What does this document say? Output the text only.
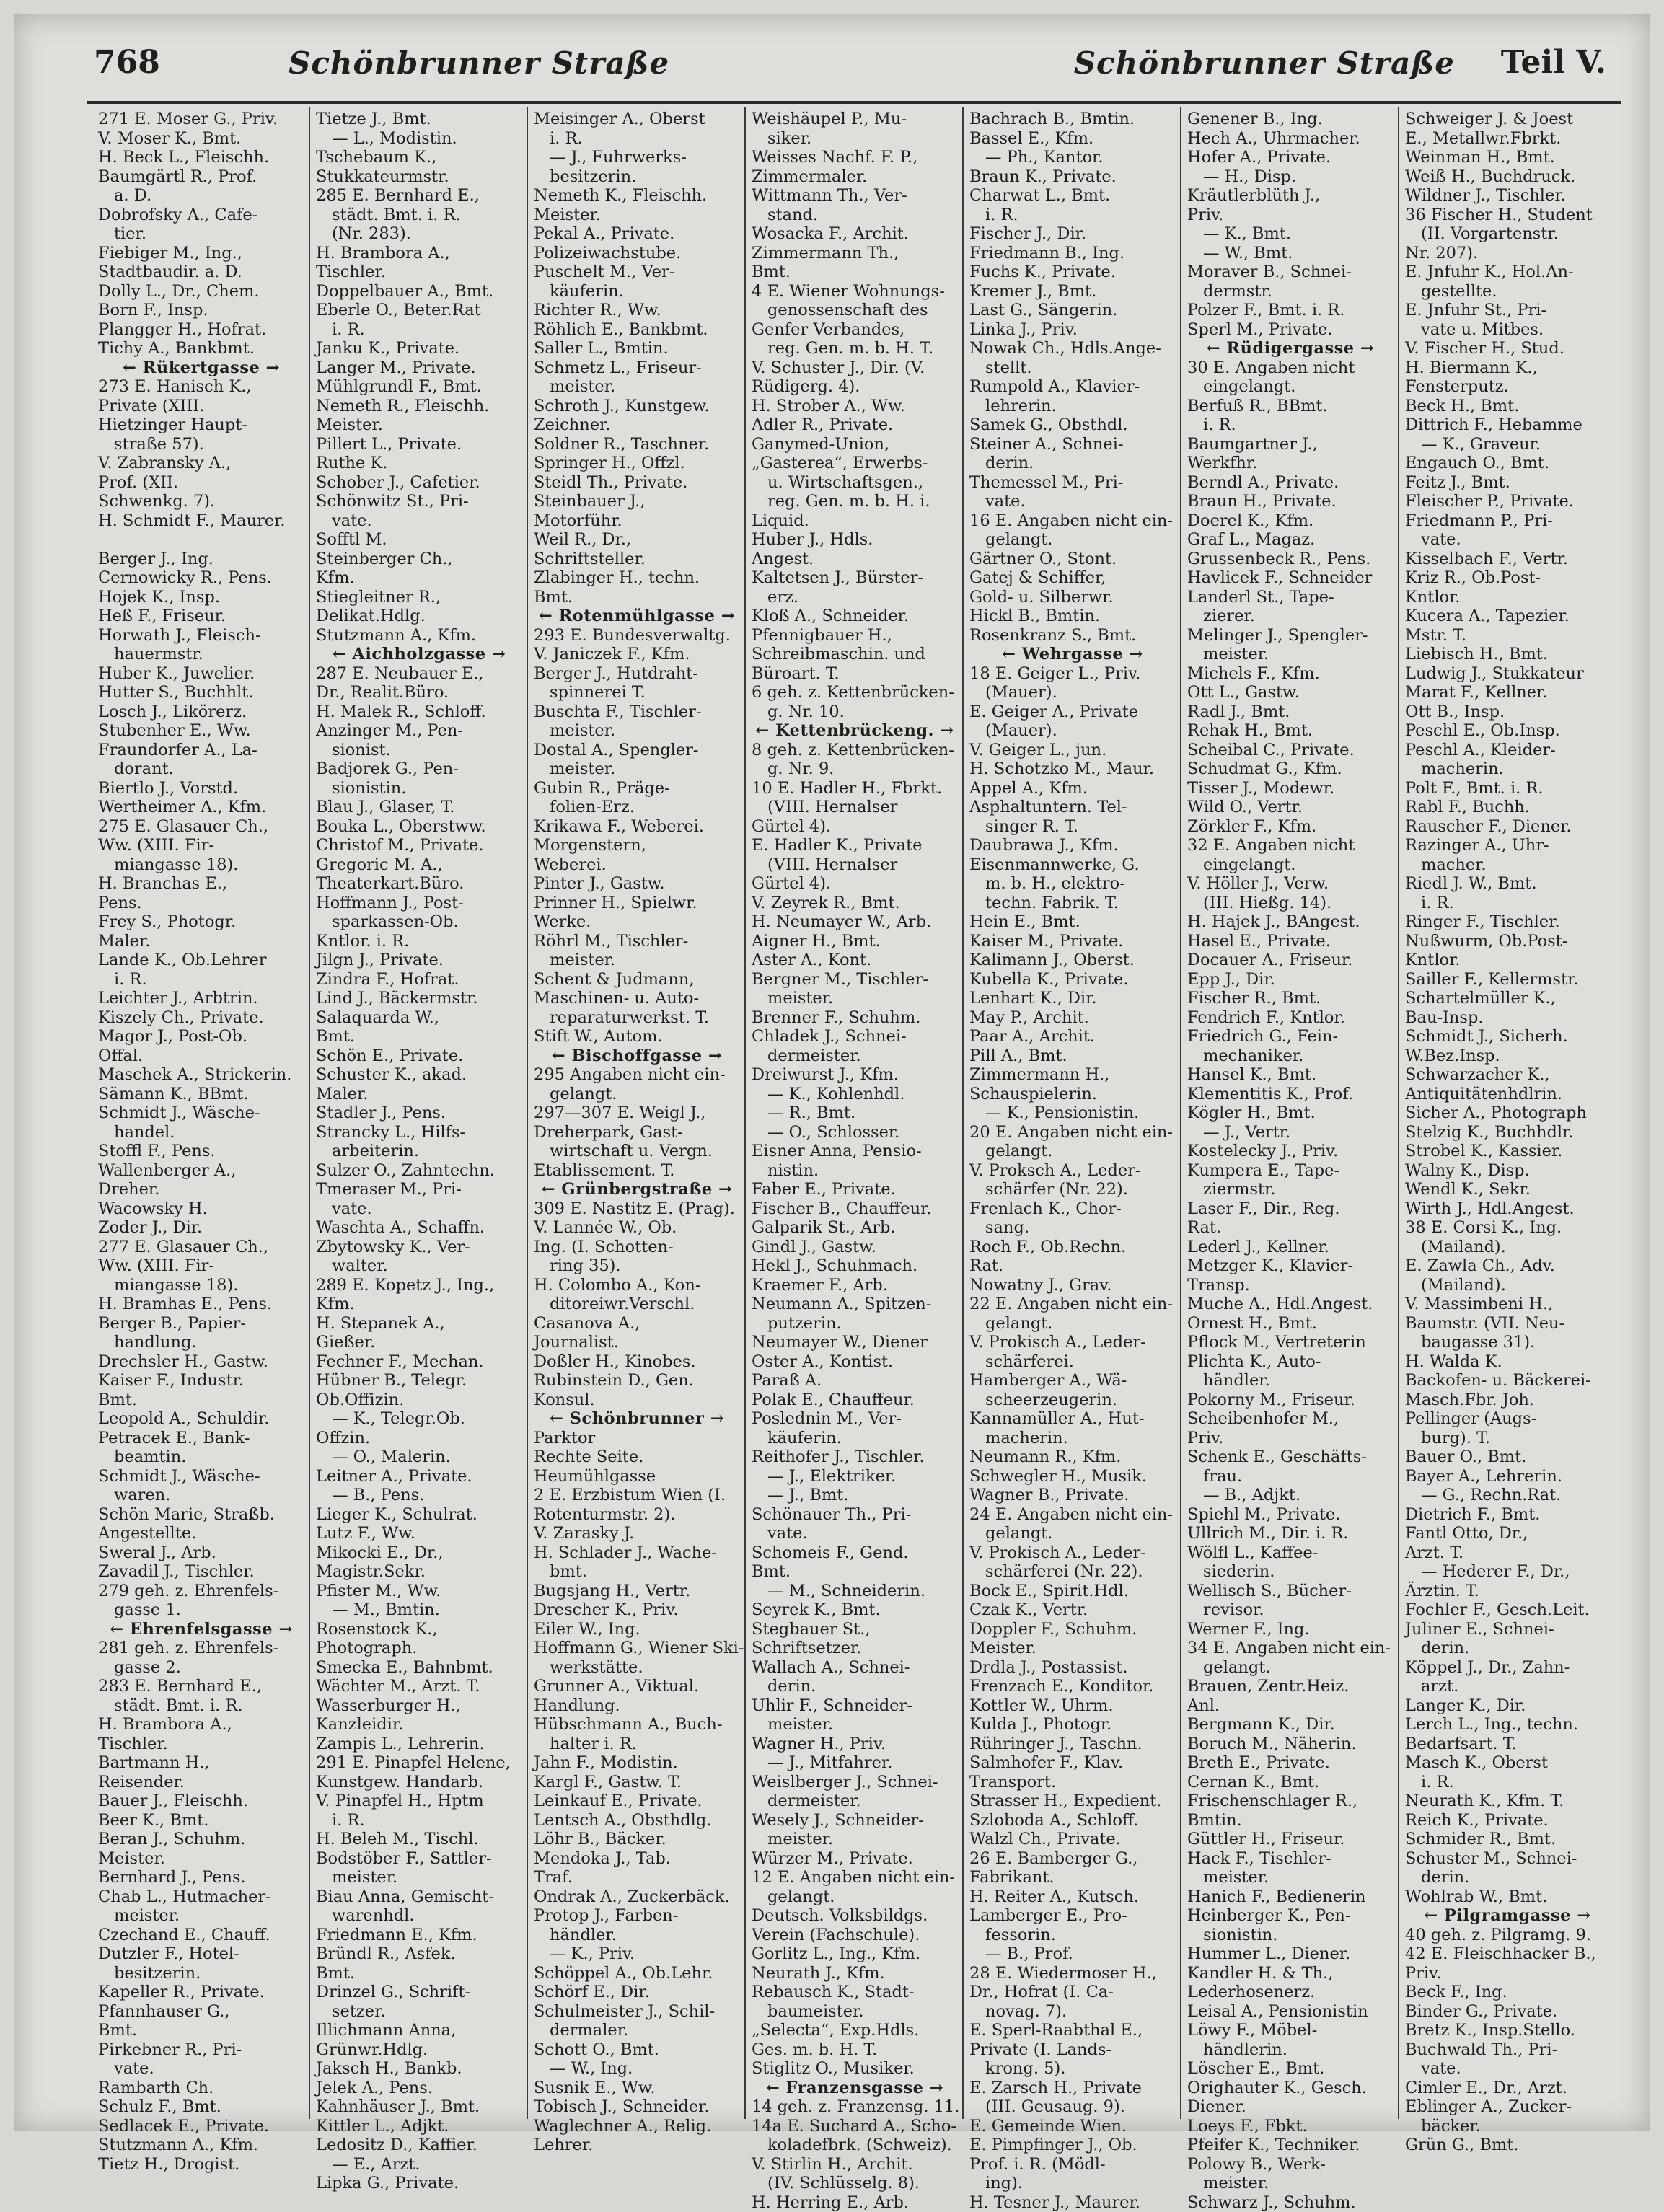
768	Schönbrunner Straße	Schönbrunner Straße Teil V.
271 E. Moser G., Priv.
V. Moser K., Bmt.
H. Beck L., Fleischh.
Baumgärtl R., Prof.
a. D.
Dobrofsky A., Cafe-
tier.
Fiebiger M., Ing.,
Stadtbaudir. a. D.
Dolly L., Dr., Chem.
Born F., Insp.
Plangger H., Hofrat.
Tichy A., Bankbmt.
← Rükertgasse →
273 E. Hanisch K.,
Private (XIII.
Hietzinger Haupt-
straße 57).
V. Zabransky A.,
Prof. (XII.
Schwenkg. 7).
H. Schmidt F., Maurer.
Berger J., Ing.
Cernowicky R., Pens.
Hojek K., Insp.
Heß F., Friseur.
Horwath J., Fleisch-
hauermstr.
Huber K., Juwelier.
Hutter S., Buchhlt.
Losch J., Likörerz.
Stubenher E., Ww.
Fraundorfer A., La-
dorant.
Biertlo J., Vorstd.
Wertheimer A., Kfm.
275 E. Glasauer Ch.,
Ww. (XIII. Fir-
miangasse 18).
H. Branchas E.,
Pens.
Frey S., Photogr.
Maler.
Lande K., Ob.Lehrer
i. R.
Leichter J., Arbtrin.
Kiszely Ch., Private.
Magor J., Post-Ob.
Offal.
Maschek A., Strickerin.
Sämann K., BBmt.
Schmidt J., Wäsche-
handel.
Stoffl F., Pens.
Wallenberger A.,
Dreher.
Wacowsky H.
Zoder J., Dir.
277 E. Glasauer Ch.,
Ww. (XIII. Fir-
miangasse 18).
H. Bramhas E., Pens.
Berger B., Papier-
handlung.
Drechsler H., Gastw.
Kaiser F., Industr.
Bmt.
Leopold A., Schuldir.
Petracek E., Bank-
beamtin.
Schmidt J., Wäsche-
waren.
Schön Marie, Straßb.
Angestellte.
Sweral J., Arb.
Zavadil J., Tischler.
279 geh. z. Ehrenfels-
gasse 1.
← Ehrenfelsgasse →
281 geh. z. Ehrenfels-
gasse 2.
283 E. Bernhard E.,
städt. Bmt. i. R.
H. Brambora A.,
Tischler.
Bartmann H.,
Reisender.
Bauer J., Fleischh.
Beer K., Bmt.
Beran J., Schuhm.
Meister.
Bernhard J., Pens.
Chab L., Hutmacher-
meister.
Czechand E., Chauff.
Dutzler F., Hotel-
besitzerin.
Kapeller R., Private.
Pfannhauser G.,
Bmt.
Pirkebner R., Pri-
vate.
Rambarth Ch.
Schulz F., Bmt.
Sedlacek E., Private.
Stutzmann A., Kfm.
Tietz H., Drogist.
Tietze J., Bmt.
— L., Modistin.
Tschebaum K.,
Stukkateurmstr.
285 E. Bernhard E.,
städt. Bmt. i. R.
(Nr. 283).
H. Brambora A.,
Tischler.
Doppelbauer A., Bmt.
Eberle O., Beter.Rat
i. R.
Janku K., Private.
Langer M., Private.
Mühlgrundl F., Bmt.
Nemeth R., Fleischh.
Meister.
Pillert L., Private.
Ruthe K.
Schober J., Cafetier.
Schönwitz St., Pri-
vate.
Sofftl M.
Steinberger Ch.,
Kfm.
Stiegleitner R.,
Delikat.Hdlg.
Stutzmann A., Kfm.
← Aichholzgasse →
287 E. Neubauer E.,
Dr., Realit.Büro.
H. Malek R., Schloff.
Anzinger M., Pen-
sionist.
Badjorek G., Pen-
sionistin.
Blau J., Glaser, T.
Bouka L., Oberstww.
Christof M., Private.
Gregoric M. A.,
Theaterkart.Büro.
Hoffmann J., Post-
sparkassen-Ob.
Kntlor. i. R.
Jilgn J., Private.
Zindra F., Hofrat.
Lind J., Bäckermstr.
Salaquarda W.,
Bmt.
Schön E., Private.
Schuster K., akad.
Maler.
Stadler J., Pens.
Strancky L., Hilfs-
arbeiterin.
Sulzer O., Zahntechn.
Tmeraser M., Pri-
vate.
Waschta A., Schaffn.
Zbytowsky K., Ver-
walter.
289 E. Kopetz J., Ing.,
Kfm.
H. Stepanek A.,
Gießer.
Fechner F., Mechan.
Hübner B., Telegr.
Ob.Offizin.
— K., Telegr.Ob.
Offzin.
— O., Malerin.
Leitner A., Private.
— B., Pens.
Lieger K., Schulrat.
Lutz F., Ww.
Mikocki E., Dr.,
Magistr.Sekr.
Pfister M., Ww.
— M., Bmtin.
Rosenstock K.,
Photograph.
Smecka E., Bahnbmt.
Wächter M., Arzt. T.
Wasserburger H.,
Kanzleidir.
Zampis L., Lehrerin.
291 E. Pinapfel Helene,
Kunstgew. Handarb.
V. Pinapfel H., Hptm
i. R.
H. Beleh M., Tischl.
Bodstöber F., Sattler-
meister.
Biau Anna, Gemischt-
warenhdl.
Friedmann E., Kfm.
Bründl R., Asfek.
Bmt.
Drinzel G., Schrift-
setzer.
Illichmann Anna,
Grünwr.Hdlg.
Jaksch H., Bankb.
Jelek A., Pens.
Kahnhäuser J., Bmt.
Kittler L., Adjkt.
Ledositz D., Kaffier.
— E., Arzt.
Lipka G., Private.
Meisinger A., Oberst
i. R.
— J., Fuhrwerks-
besitzerin.
Nemeth K., Fleischh.
Meister.
Pekal A., Private.
Polizeiwachstube.
Puschelt M., Ver-
käuferin.
Richter R., Ww.
Röhlich E., Bankbmt.
Saller L., Bmtin.
Schmetz L., Friseur-
meister.
Schroth J., Kunstgew.
Zeichner.
Soldner R., Taschner.
Springer H., Offzl.
Steidl Th., Private.
Steinbauer J.,
Motorführ.
Weil R., Dr.,
Schriftsteller.
Zlabinger H., techn.
Bmt.
← Rotenmühlgasse →
293 E. Bundesverwaltg.
V. Janiczek F., Kfm.
Berger J., Hutdraht-
spinnerei T.
Buschta F., Tischler-
meister.
Dostal A., Spengler-
meister.
Gubin R., Präge-
folien-Erz.
Krikawa F., Weberei.
Morgenstern,
Weberei.
Pinter J., Gastw.
Prinner H., Spielwr.
Werke.
Röhrl M., Tischler-
meister.
Schent & Judmann,
Maschinen- u. Auto-
reparaturwerkst. T.
Stift W., Autom.
← Bischoffgasse →
295 Angaben nicht ein-
gelangt.
297—307 E. Weigl J.,
Dreherpark, Gast-
wirtschaft u. Vergn.
Etablissement. T.
← Grünbergstraße →
309 E. Nastitz E. (Prag).
V. Lannée W., Ob.
Ing. (I. Schotten-
ring 35).
H. Colombo A., Kon-
ditoreiwr.Verschl.
Casanova A.,
Journalist.
Doßler H., Kinobes.
Rubinstein D., Gen.
Konsul.
← Schönbrunner →
Parktor
Rechte Seite.
Heumühlgasse
2 E. Erzbistum Wien (I.
Rotenturmstr. 2).
V. Zarasky J.
H. Schlader J., Wache-
bmt.
Bugsjang H., Vertr.
Drescher K., Priv.
Eiler W., Ing.
Hoffmann G., Wiener Ski-
werkstätte.
Grunner A., Viktual.
Handlung.
Hübschmann A., Buch-
halter i. R.
Jahn F., Modistin.
Kargl F., Gastw. T.
Leinkauf E., Private.
Lentsch A., Obsthdlg.
Löhr B., Bäcker.
Mendoka J., Tab.
Traf.
Ondrak A., Zuckerbäck.
Protop J., Farben-
händler.
— K., Priv.
Schöppel A., Ob.Lehr.
Schörf E., Dir.
Schulmeister J., Schil-
dermaler.
Schott O., Bmt.
— W., Ing.
Susnik E., Ww.
Tobisch J., Schneider.
Waglechner A., Relig.
Lehrer.
Weishäupel P., Mu-
siker.
Weisses Nachf. F. P.,
Zimmermaler.
Wittmann Th., Ver-
stand.
Wosacka F., Archit.
Zimmermann Th.,
Bmt.
4 E. Wiener Wohnungs-
genossenschaft des
Genfer Verbandes,
reg. Gen. m. b. H. T.
V. Schuster J., Dir. (V.
Rüdigerg. 4).
H. Strober A., Ww.
Adler R., Private.
Ganymed-Union,
„Gasterea“, Erwerbs-
u. Wirtschaftsgen.,
reg. Gen. m. b. H. i.
Liquid.
Huber J., Hdls.
Angest.
Kaltetsen J., Bürster-
erz.
Kloß A., Schneider.
Pfennigbauer H.,
Schreibmaschin. und
Büroart. T.
6 geh. z. Kettenbrücken-
g. Nr. 10.
← Kettenbrückeng. →
8 geh. z. Kettenbrücken-
g. Nr. 9.
10 E. Hadler H., Fbrkt.
(VIII. Hernalser
Gürtel 4).
E. Hadler K., Private
(VIII. Hernalser
Gürtel 4).
V. Zeyrek R., Bmt.
H. Neumayer W., Arb.
Aigner H., Bmt.
Aster A., Kont.
Bergner M., Tischler-
meister.
Brenner F., Schuhm.
Chladek J., Schnei-
dermeister.
Dreiwurst J., Kfm.
— K., Kohlenhdl.
— R., Bmt.
— O., Schlosser.
Eisner Anna, Pensio-
nistin.
Faber E., Private.
Fischer B., Chauffeur.
Galparik St., Arb.
Gindl J., Gastw.
Hekl J., Schuhmach.
Kraemer F., Arb.
Neumann A., Spitzen-
putzerin.
Neumayer W., Diener
Oster A., Kontist.
Paraß A.
Polak E., Chauffeur.
Poslednin M., Ver-
käuferin.
Reithofer J., Tischler.
— J., Elektriker.
— J., Bmt.
Schönauer Th., Pri-
vate.
Schomeis F., Gend.
Bmt.
— M., Schneiderin.
Seyrek K., Bmt.
Stegbauer St.,
Schriftsetzer.
Wallach A., Schnei-
derin.
Uhlir F., Schneider-
meister.
Wagner H., Priv.
— J., Mitfahrer.
Weislberger J., Schnei-
dermeister.
Wesely J., Schneider-
meister.
Würzer M., Private.
12 E. Angaben nicht ein-
gelangt.
Deutsch. Volksbildgs.
Verein (Fachschule).
Gorlitz L., Ing., Kfm.
Neurath J., Kfm.
Rebausch K., Stadt-
baumeister.
„Selecta“, Exp.Hdls.
Ges. m. b. H. T.
Stiglitz O., Musiker.
← Franzensgasse →
14 geh. z. Franzensg. 11.
14a E. Suchard A., Scho-
koladefbrk. (Schweiz).
V. Stirlin H., Archit.
(IV. Schlüsselg. 8).
H. Herring E., Arb.
Bachrach B., Bmtin.
Bassel E., Kfm.
— Ph., Kantor.
Braun K., Private.
Charwat L., Bmt.
i. R.
Fischer J., Dir.
Friedmann B., Ing.
Fuchs K., Private.
Kremer J., Bmt.
Last G., Sängerin.
Linka J., Priv.
Nowak Ch., Hdls.Ange-
stellt.
Rumpold A., Klavier-
lehrerin.
Samek G., Obsthdl.
Steiner A., Schnei-
derin.
Themessel M., Pri-
vate.
16 E. Angaben nicht ein-
gelangt.
Gärtner O., Stont.
Gatej & Schiffer,
Gold- u. Silberwr.
Hickl B., Bmtin.
Rosenkranz S., Bmt.
← Wehrgasse →
18 E. Geiger L., Priv.
(Mauer).
E. Geiger A., Private
(Mauer).
V. Geiger L., jun.
H. Schotzko M., Maur.
Appel A., Kfm.
Asphaltuntern. Tel-
singer R. T.
Daubrawa J., Kfm.
Eisenmannwerke, G.
m. b. H., elektro-
techn. Fabrik. T.
Hein E., Bmt.
Kaiser M., Private.
Kalimann J., Oberst.
Kubella K., Private.
Lenhart K., Dir.
May P., Archit.
Paar A., Archit.
Pill A., Bmt.
Zimmermann H.,
Schauspielerin.
— K., Pensionistin.
20 E. Angaben nicht ein-
gelangt.
V. Proksch A., Leder-
schärfer (Nr. 22).
Frenlach K., Chor-
sang.
Roch F., Ob.Rechn.
Rat.
Nowatny J., Grav.
22 E. Angaben nicht ein-
gelangt.
V. Prokisch A., Leder-
schärferei.
Hamberger A., Wä-
scheerzeugerin.
Kannamüller A., Hut-
macherin.
Neumann R., Kfm.
Schwegler H., Musik.
Wagner B., Private.
24 E. Angaben nicht ein-
gelangt.
V. Prokisch A., Leder-
schärferei (Nr. 22).
Bock E., Spirit.Hdl.
Czak K., Vertr.
Doppler F., Schuhm.
Meister.
Drdla J., Postassist.
Frenzach E., Konditor.
Kottler W., Uhrm.
Kulda J., Photogr.
Rühringer J., Taschn.
Salmhofer F., Klav.
Transport.
Strasser H., Expedient.
Szloboda A., Schloff.
Walzl Ch., Private.
26 E. Bamberger G.,
Fabrikant.
H. Reiter A., Kutsch.
Lamberger E., Pro-
fessorin.
— B., Prof.
28 E. Wiedermoser H.,
Dr., Hofrat (I. Ca-
novag. 7).
E. Sperl-Raabthal E.,
Private (I. Lands-
krong. 5).
E. Zarsch H., Private
(III. Geusaug. 9).
E. Gemeinde Wien.
E. Pimpfinger J., Ob.
Prof. i. R. (Mödl-
ing).
H. Tesner J., Maurer.
Genener B., Ing.
Hech A., Uhrmacher.
Hofer A., Private.
— H., Disp.
Kräutlerblüth J.,
Priv.
— K., Bmt.
— W., Bmt.
Moraver B., Schnei-
dermstr.
Polzer F., Bmt. i. R.
Sperl M., Private.
← Rüdigergasse →
30 E. Angaben nicht
eingelangt.
Berfuß R., BBmt.
i. R.
Baumgartner J.,
Werkfhr.
Berndl A., Private.
Braun H., Private.
Doerel K., Kfm.
Graf L., Magaz.
Grussenbeck R., Pens.
Havlicek F., Schneider
Landerl St., Tape-
zierer.
Melinger J., Spengler-
meister.
Michels F., Kfm.
Ott L., Gastw.
Radl J., Bmt.
Rehak H., Bmt.
Scheibal C., Private.
Schudmat G., Kfm.
Tisser J., Modewr.
Wild O., Vertr.
Zörkler F., Kfm.
32 E. Angaben nicht
eingelangt.
V. Höller J., Verw.
(III. Hießg. 14).
H. Hajek J., BAngest.
Hasel E., Private.
Docauer A., Friseur.
Epp J., Dir.
Fischer R., Bmt.
Fendrich F., Kntlor.
Friedrich G., Fein-
mechaniker.
Hansel K., Bmt.
Klementitis K., Prof.
Kögler H., Bmt.
— J., Vertr.
Kostelecky J., Priv.
Kumpera E., Tape-
ziermstr.
Laser F., Dir., Reg.
Rat.
Lederl J., Kellner.
Metzger K., Klavier-
Transp.
Muche A., Hdl.Angest.
Ornest H., Bmt.
Pflock M., Vertreterin
Plichta K., Auto-
händler.
Pokorny M., Friseur.
Scheibenhofer M.,
Priv.
Schenk E., Geschäfts-
frau.
— B., Adjkt.
Spiehl M., Private.
Ullrich M., Dir. i. R.
Wölfl L., Kaffee-
siederin.
Wellisch S., Bücher-
revisor.
Werner F., Ing.
34 E. Angaben nicht ein-
gelangt.
Brauen, Zentr.Heiz.
Anl.
Bergmann K., Dir.
Boruch M., Näherin.
Breth E., Private.
Cernan K., Bmt.
Frischenschlager R.,
Bmtin.
Güttler H., Friseur.
Hack F., Tischler-
meister.
Hanich F., Bedienerin
Heinberger K., Pen-
sionistin.
Hummer L., Diener.
Kandler H. & Th.,
Lederhosenerz.
Leisal A., Pensionistin
Löwy F., Möbel-
händlerin.
Löscher E., Bmt.
Orighauter K., Gesch.
Diener.
Loeys F., Fbkt.
Pfeifer K., Techniker.
Polowy B., Werk-
meister.
Schwarz J., Schuhm.
Schweiger J. & Joest
E., Metallwr.Fbrkt.
Weinman H., Bmt.
Weiß H., Buchdruck.
Wildner J., Tischler.
36 Fischer H., Student
(II. Vorgartenstr.
Nr. 207).
E. Jnfuhr K., Hol.An-
gestellte.
E. Jnfuhr St., Pri-
vate u. Mitbes.
V. Fischer H., Stud.
H. Biermann K.,
Fensterputz.
Beck H., Bmt.
Dittrich F., Hebamme
— K., Graveur.
Engauch O., Bmt.
Feitz J., Bmt.
Fleischer P., Private.
Friedmann P., Pri-
vate.
Kisselbach F., Vertr.
Kriz R., Ob.Post-
Kntlor.
Kucera A., Tapezier.
Mstr. T.
Liebisch H., Bmt.
Ludwig J., Stukkateur
Marat F., Kellner.
Ott B., Insp.
Peschl E., Ob.Insp.
Peschl A., Kleider-
macherin.
Polt F., Bmt. i. R.
Rabl F., Buchh.
Rauscher F., Diener.
Razinger A., Uhr-
macher.
Riedl J. W., Bmt.
i. R.
Ringer F., Tischler.
Nußwurm, Ob.Post-
Kntlor.
Sailler F., Kellermstr.
Schartelmüller K.,
Bau-Insp.
Schmidt J., Sicherh.
W.Bez.Insp.
Schwarzacher K.,
Antiquitätenhdlrin.
Sicher A., Photograph
Stelzig K., Buchhdlr.
Strobel K., Kassier.
Walny K., Disp.
Wendl K., Sekr.
Wirth J., Hdl.Angest.
38 E. Corsi K., Ing.
(Mailand).
E. Zawla Ch., Adv.
(Mailand).
V. Massimbeni H.,
Baumstr. (VII. Neu-
baugasse 31).
H. Walda K.
Backofen- u. Bäckerei-
Masch.Fbr. Joh.
Pellinger (Augs-
burg). T.
Bauer O., Bmt.
Bayer A., Lehrerin.
— G., Rechn.Rat.
Dietrich F., Bmt.
Fantl Otto, Dr.,
Arzt. T.
— Hederer F., Dr.,
Ärztin. T.
Fochler F., Gesch.Leit.
Juliner E., Schnei-
derin.
Köppel J., Dr., Zahn-
arzt.
Langer K., Dir.
Lerch L., Ing., techn.
Bedarfsart. T.
Masch K., Oberst
i. R.
Neurath K., Kfm. T.
Reich K., Private.
Schmider R., Bmt.
Schuster M., Schnei-
derin.
Wohlrab W., Bmt.
← Pilgramgasse →
40 geh. z. Pilgramg. 9.
42 E. Fleischhacker B.,
Priv.
Beck F., Ing.
Binder G., Private.
Bretz K., Insp.Stello.
Buchwald Th., Pri-
vate.
Cimler E., Dr., Arzt.
Eblinger A., Zucker-
bäcker.
Grün G., Bmt.
